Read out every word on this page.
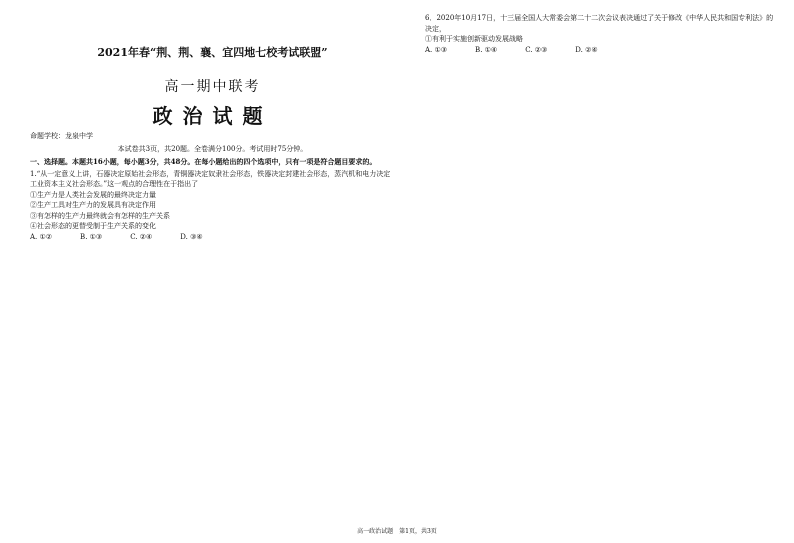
2021年春“荆、荆、襄、宜四地七校考试联盟”
高一期中联考
政治试题
命题学校：龙泉中学
本试卷共3页，共20题。全卷满分100分。考试用时75分钟。
一、选择题。本题共16小题，每小题3分，共48分。在每小题给出的四个选项中，只有一项是符合题目要求的。

1.“从一定意义上讲，石器决定原始社会形态，青铜器决定奴隶社会形态，铁器决定封建社会形态，蒸汽机和电力决定工业资本主义社会形态。”这一观点的合理性在于指出了

①生产力是人类社会发展的最终决定力量

②生产工具对生产力的发展具有决定作用

③有怎样的生产力最终就会有怎样的生产关系

④社会形态的更替受制于生产关系的变化

A. ①②　　　　B. ①③　　　　C. ②④　　　　D. ③④

6．2020年10月17日，十三届全国人大常委会第二十二次会议表决通过了关于修改《中华人民共和国专利法》的决定，

①有利于实施创新驱动发展战略

A. ①③　　　　B. ①④　　　　C. ②③　　　　D. ②④

高一政治试题　第1页，共3页
